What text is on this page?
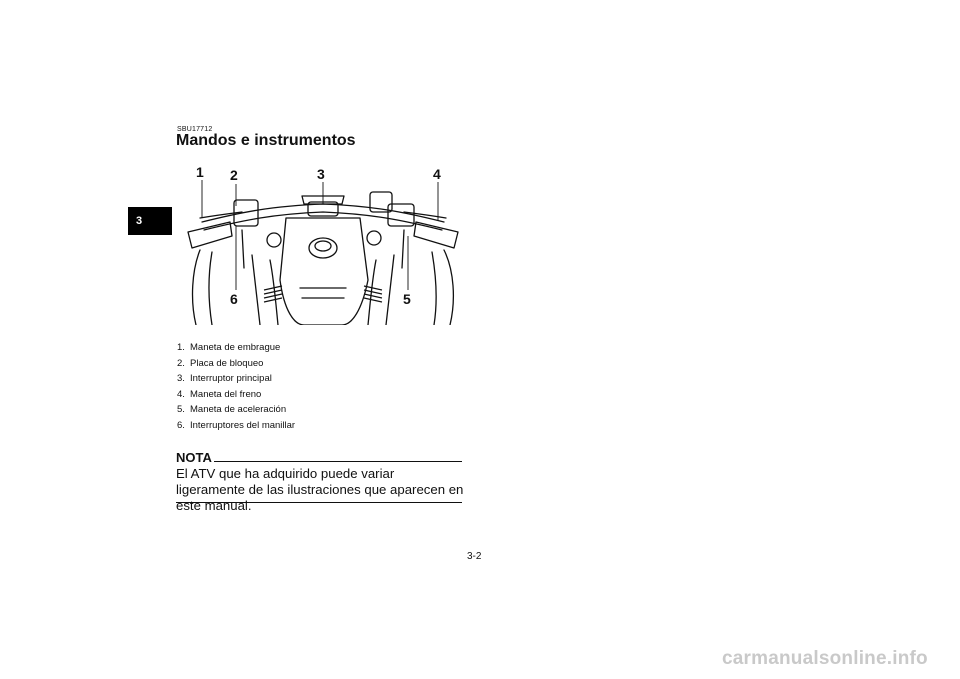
3
SBU17712
Mandos e instrumentos
1 2	3	4
5
6
1. Maneta de embrague
2. Placa de bloqueo
3. Interruptor principal
4. Maneta del freno
5. Maneta de aceleración
6. Interruptores del manillar
NOTA

El ATV que ha adquirido puede variar ligeramente de las ilustraciones que aparecen en este manual.

3-2
carmanualsonline.info
